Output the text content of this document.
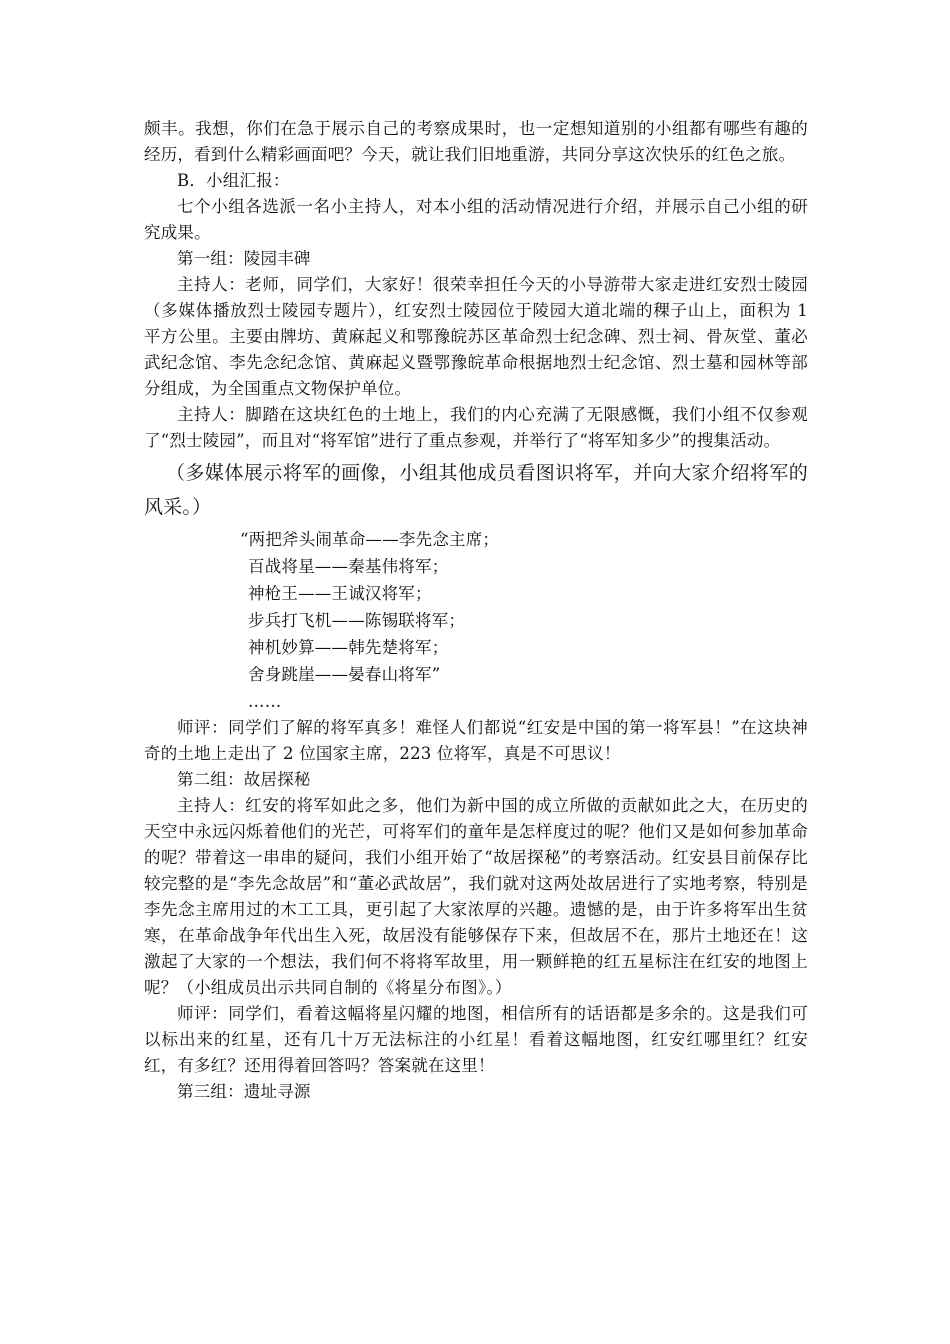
颇丰。我想，你们在急于展示自己的考察成果时，也一定想知道别的小组都有哪些有趣的经历，看到什么精彩画面吧？今天，就让我们旧地重游，共同分享这次快乐的红色之旅。

B．小组汇报：

七个小组各选派一名小主持人，对本小组的活动情况进行介绍，并展示自己小组的研究成果。

第一组：陵园丰碑

主持人：老师，同学们，大家好！很荣幸担任今天的小导游带大家走进红安烈士陵园（多媒体播放烈士陵园专题片），红安烈士陵园位于陵园大道北端的稞子山上，面积为 1 平方公里。主要由牌坊、黄麻起义和鄂豫皖苏区革命烈士纪念碑、烈士祠、骨灰堂、董必武纪念馆、李先念纪念馆、黄麻起义暨鄂豫皖革命根据地烈士纪念馆、烈士墓和园林等部分组成，为全国重点文物保护单位。

主持人：脚踏在这块红色的土地上，我们的内心充满了无限感慨，我们小组不仅参观了“烈士陵园”，而且对“将军馆”进行了重点参观，并举行了“将军知多少”的搜集活动。

（多媒体展示将军的画像，小组其他成员看图识将军，并向大家介绍将军的风采。）

“两把斧头闹革命——李先念主席；

百战将星——秦基伟将军；

神枪王——王诚汉将军；

步兵打飞机——陈锡联将军；

神机妙算——韩先楚将军；

舍身跳崖——晏春山将军”

……

师评：同学们了解的将军真多！难怪人们都说“红安是中国的第一将军县！”在这块神奇的土地上走出了 2 位国家主席，223 位将军，真是不可思议！

第二组：故居探秘

主持人：红安的将军如此之多，他们为新中国的成立所做的贡献如此之大，在历史的天空中永远闪烁着他们的光芒，可将军们的童年是怎样度过的呢？他们又是如何参加革命的呢？带着这一串串的疑问，我们小组开始了“故居探秘”的考察活动。红安县目前保存比较完整的是“李先念故居”和“董必武故居”，我们就对这两处故居进行了实地考察，特别是李先念主席用过的木工工具，更引起了大家浓厚的兴趣。遗憾的是，由于许多将军出生贫寒，在革命战争年代出生入死，故居没有能够保存下来，但故居不在，那片土地还在！这激起了大家的一个想法，我们何不将将军故里，用一颗鲜艳的红五星标注在红安的地图上呢？（小组成员出示共同自制的《将星分布图》。）

师评：同学们，看着这幅将星闪耀的地图，相信所有的话语都是多余的。这是我们可以标出来的红星，还有几十万无法标注的小红星！看着这幅地图，红安红哪里红？红安红，有多红？还用得着回答吗？答案就在这里！

第三组：遗址寻源
